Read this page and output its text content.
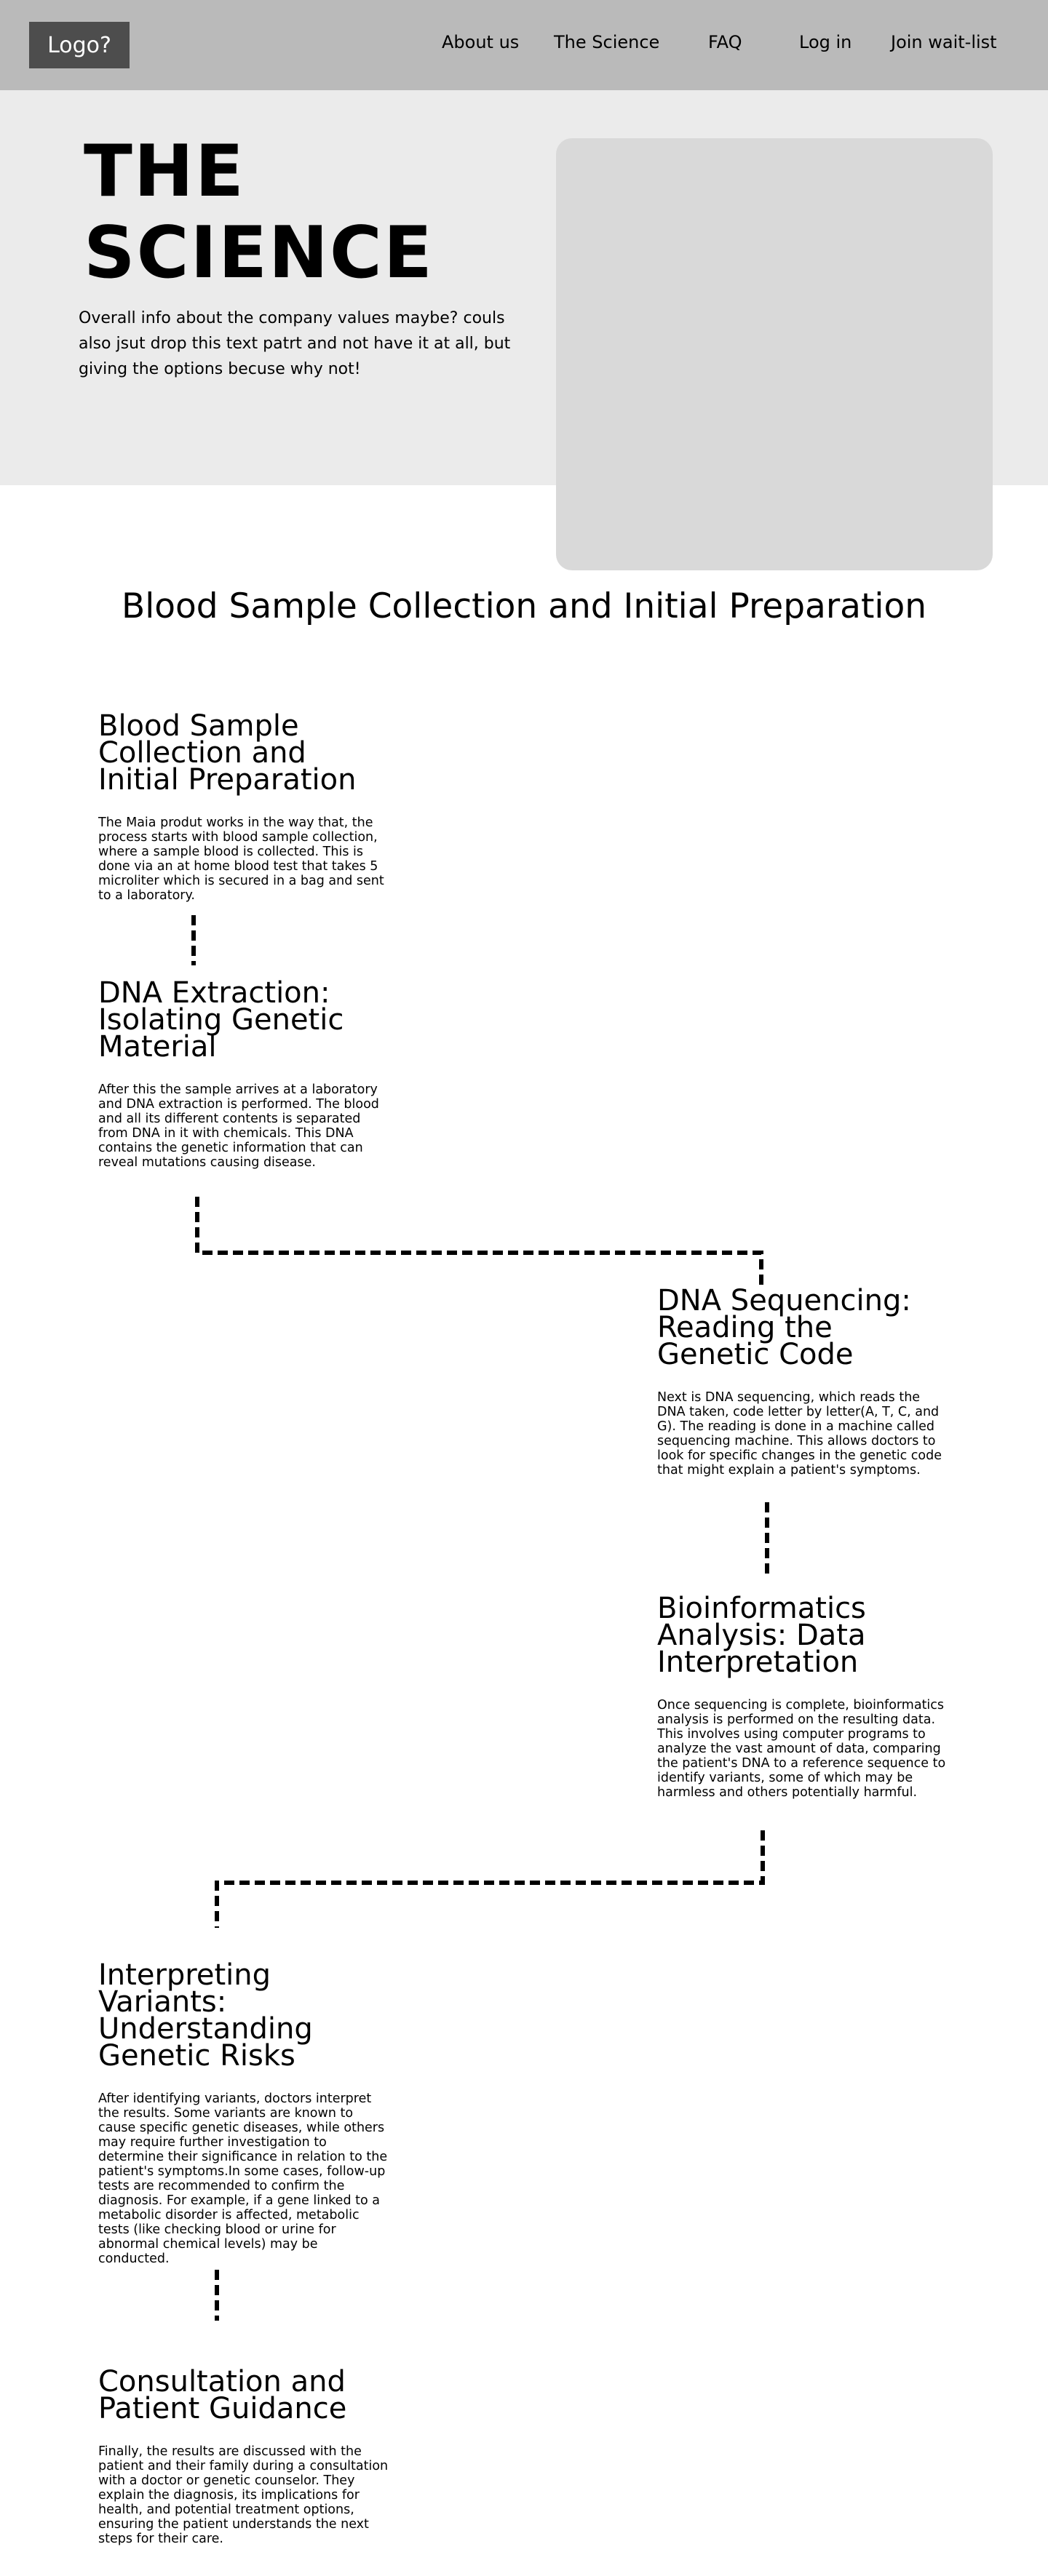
Logo?	About us The Science	FAQ	Log in Join wait-list
THE
SCIENCE

Overall info about the company values maybe? couls also jsut drop this text patrt and not have it at all, but giving the options becuse why not!

Blood Sample Collection and Initial Preparation
Blood Sample Collection and Initial Preparation

The Maia produt works in the way that, the process starts with blood sample collection, where a sample blood is collected. This is done via an at home blood test that takes 5 microliter which is secured in a bag and sent to a laboratory.

DNA Extraction: Isolating Genetic Material

After this the sample arrives at a laboratory and DNA extraction is performed. The blood and all its different contents is separated from DNA in it with chemicals. This DNA contains the genetic information that can reveal mutations causing disease.

DNA Sequencing: Reading the Genetic Code

Next is DNA sequencing, which reads the DNA taken, code letter by letter(A, T, C, and G). The reading is done in a machine called sequencing machine. This allows doctors to look for specific changes in the genetic code that might explain a patient's symptoms.

Bioinformatics Analysis: Data Interpretation

Once sequencing is complete, bioinformatics analysis is performed on the resulting data. This involves using computer programs to analyze the vast amount of data, comparing the patient's DNA to a reference sequence to identify variants, some of which may be harmless and others potentially harmful.

Interpreting Variants: Understanding Genetic Risks

After identifying variants, doctors interpret the results. Some variants are known to cause specific genetic diseases, while others may require further investigation to determine their significance in relation to the patient's symptoms.In some cases, follow-up tests are recommended to confirm the diagnosis. For example, if a gene linked to a metabolic disorder is affected, metabolic tests (like checking blood or urine for abnormal chemical levels) may be conducted.

Consultation and Patient Guidance

Finally, the results are discussed with the patient and their family during a consultation with a doctor or genetic counselor. They explain the diagnosis, its implications for health, and potential treatment options, ensuring the patient understands the next steps for their care.
